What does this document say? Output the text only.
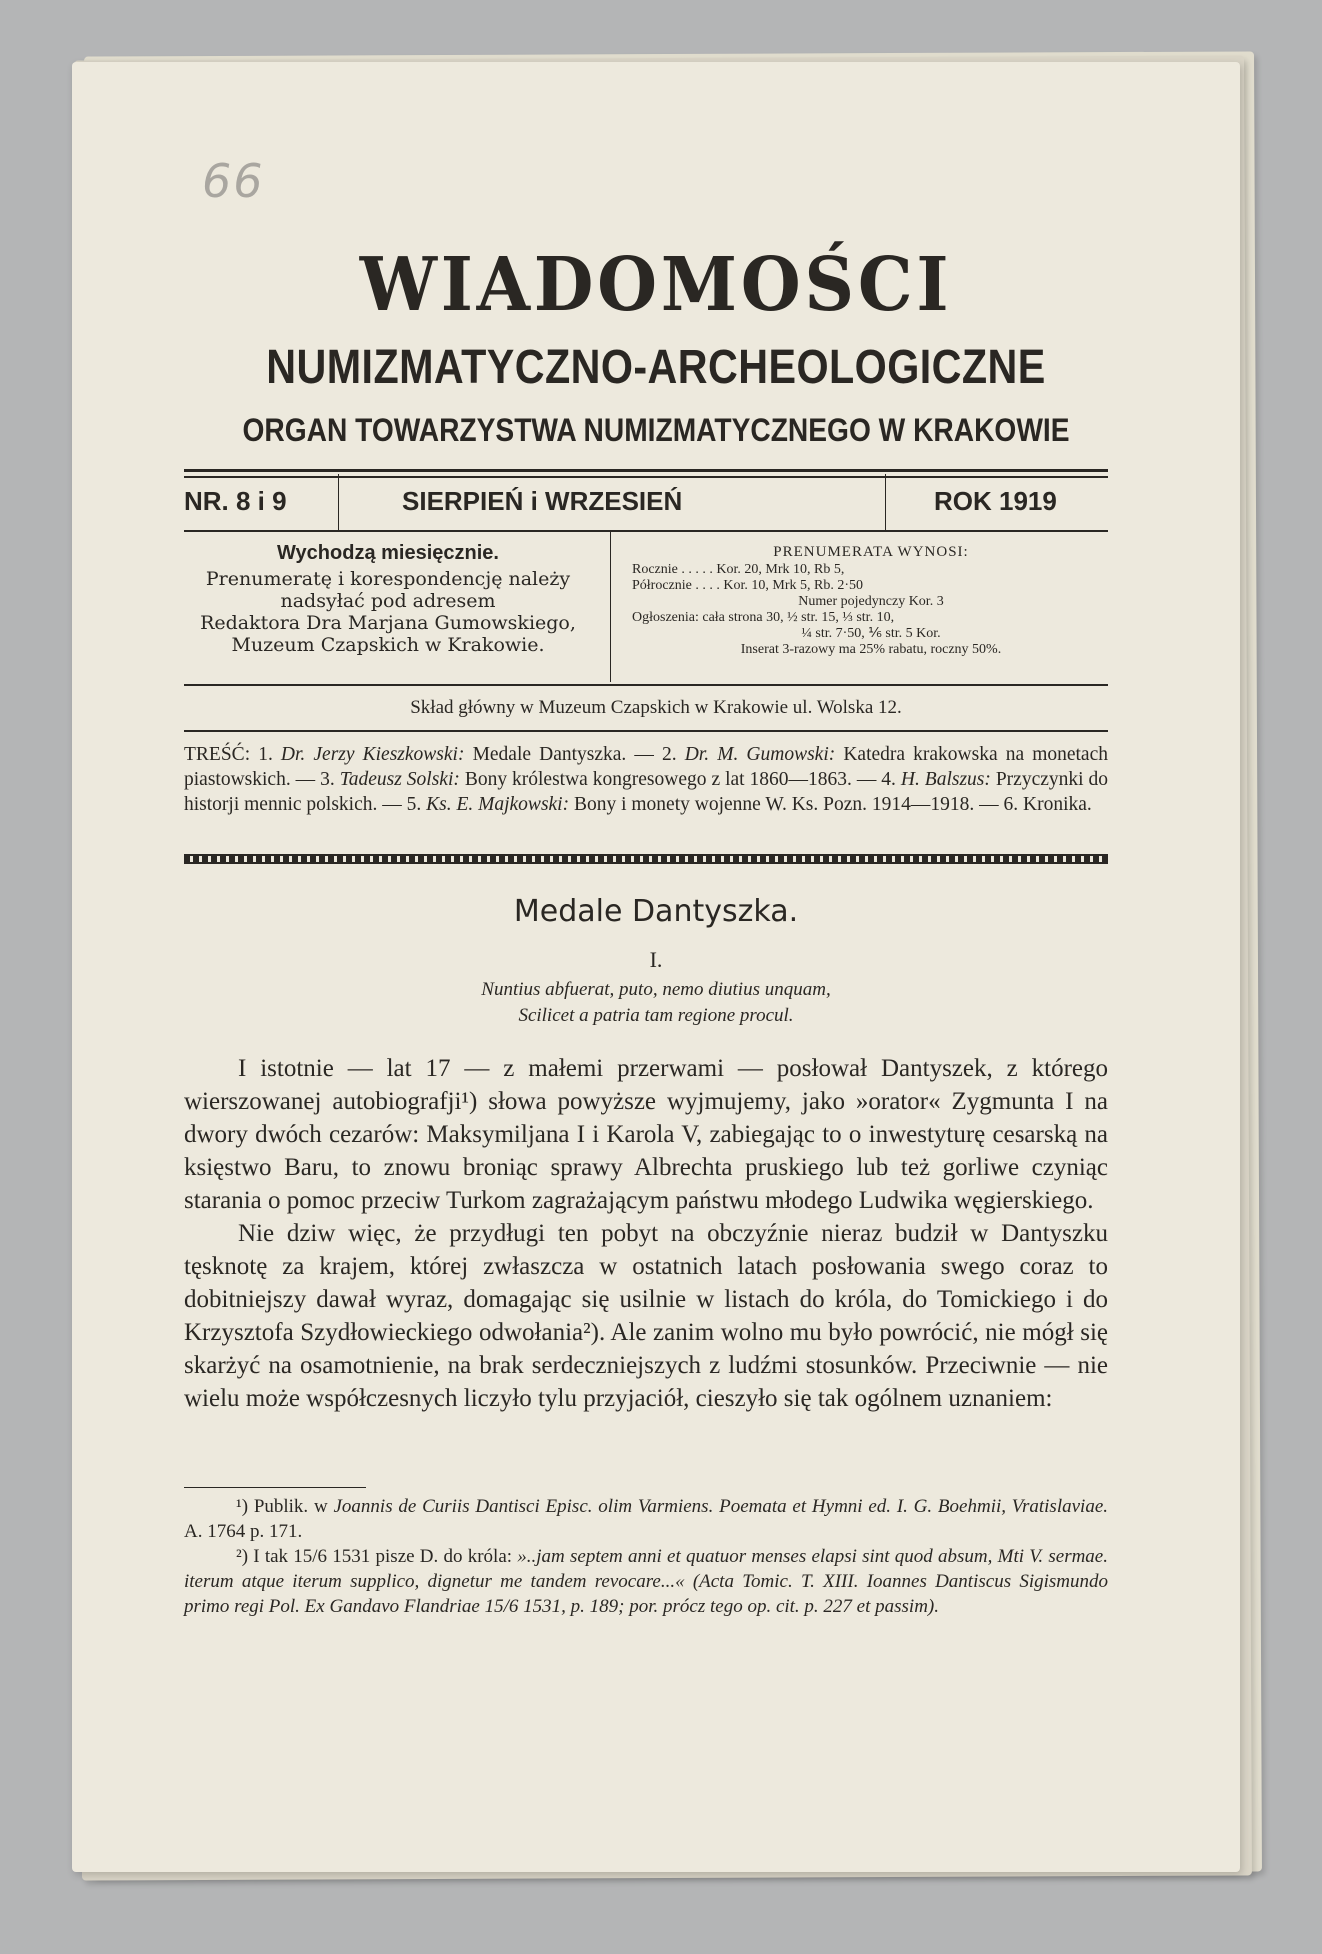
66
WIADOMOŚCI
NUMIZMATYCZNO-ARCHEOLOGICZNE
ORGAN TOWARZYSTWA NUMIZMATYCZNEGO W KRAKOWIE
NR. 8 i 9	SIERPIEŃ i WRZESIEŃ	ROK 1919
Wychodzą miesięcznie.
Prenumeratę i korespondencję należy
nadsyłać pod adresem
Redaktora Dra Marjana Gumowskiego,
Muzeum Czapskich w Krakowie.
PRENUMERATA WYNOSI:
Rocznie . . . . . Kor. 20, Mrk 10, Rb 5,
Półrocznie . . . . Kor. 10, Mrk 5, Rb. 2·50
Numer pojedynczy Kor. 3
Ogłoszenia: cała strona 30, ½ str. 15, ⅓ str. 10,
¼ str. 7·50, ⅙ str. 5 Kor.
Inserat 3-razowy ma 25% rabatu, roczny 50%.
Skład główny w Muzeum Czapskich w Krakowie ul. Wolska 12.
TREŚĆ: 1. Dr. Jerzy Kieszkowski: Medale Dantyszka. — 2. Dr. M. Gumowski: Katedra krakowska na monetach piastowskich. — 3. Tadeusz Solski: Bony królestwa kongresowego z lat 1860—1863. — 4. H. Balszus: Przyczynki do historji mennic polskich. — 5. Ks. E. Majkowski: Bony i monety wojenne W. Ks. Pozn. 1914—1918. — 6. Kronika.
Medale Dantyszka.
I.
Nuntius abfuerat, puto, nemo diutius unquam,
Scilicet a patria tam regione procul.

I istotnie — lat 17 — z małemi przerwami — posłował Dantyszek, z którego wierszowanej autobiografji¹) słowa powyższe wyjmujemy, jako »orator« Zygmunta I na dwory dwóch cezarów: Maksymiljana I i Karola V, zabiegając to o inwestyturę cesarską na księstwo Baru, to znowu broniąc sprawy Albrechta pruskiego lub też gorliwe czyniąc starania o pomoc przeciw Turkom zagrażającym państwu młodego Ludwika węgierskiego.

Nie dziw więc, że przydługi ten pobyt na obczyźnie nieraz budził w Dantyszku tęsknotę za krajem, której zwłaszcza w ostatnich latach posłowania swego coraz to dobitniejszy dawał wyraz, domagając się usilnie w listach do króla, do Tomickiego i do Krzysztofa Szydłowieckiego odwołania²). Ale zanim wolno mu było powrócić, nie mógł się skarżyć na osamotnienie, na brak serdeczniejszych z ludźmi stosunków. Przeciwnie — nie wielu może współczesnych liczyło tylu przyjaciół, cieszyło się tak ogólnem uznaniem:

¹) Publik. w Joannis de Curiis Dantisci Episc. olim Varmiens. Poemata et Hymni ed. I. G. Boehmii, Vratislaviae. A. 1764 p. 171.

²) I tak 15/6 1531 pisze D. do króla: »..jam septem anni et quatuor menses elapsi sint quod absum, Mti V. sermae. iterum atque iterum supplico, dignetur me tandem revocare...« (Acta Tomic. T. XIII. Ioannes Dantiscus Sigismundo primo regi Pol. Ex Gandavo Flandriae 15/6 1531, p. 189; por. prócz tego op. cit. p. 227 et passim).
